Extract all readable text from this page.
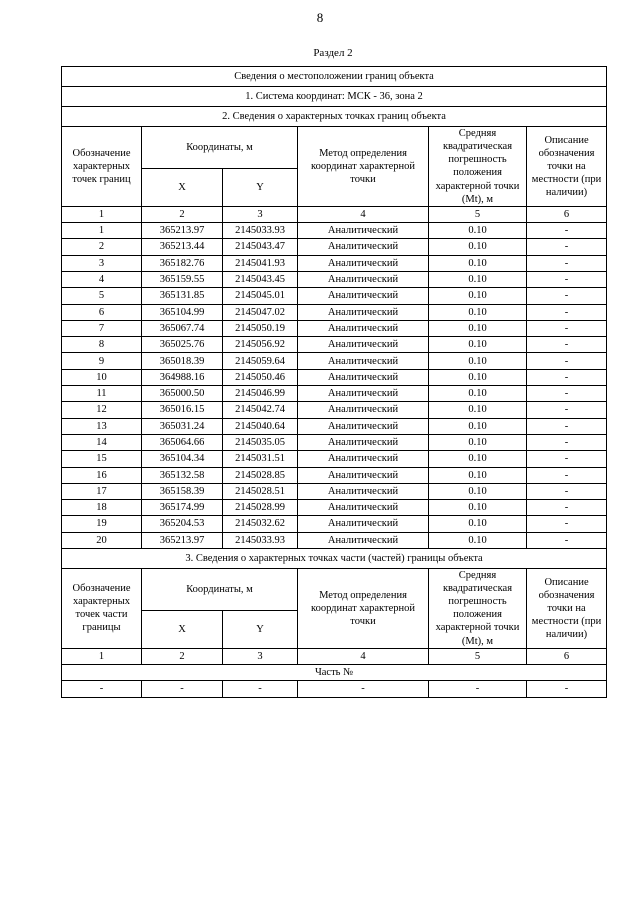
8
Раздел 2
Сведения о местоположении границ объекта					
1. Система координат: МСК - 36, зона 2					
2. Сведения о характерных точках границ объекта					
Обозначение характерных точек границ	Координаты, м		Метод определения координат характерной точки	Средняя квадратическая погрешность положения характерной точки (Mt), м	Описание обозначения точки на местности (при наличии)
	X	Y			
1	2	3	4	5	6
1	365213.97	2145033.93	Аналитический	0.10	-
2	365213.44	2145043.47	Аналитический	0.10	-
3	365182.76	2145041.93	Аналитический	0.10	-
4	365159.55	2145043.45	Аналитический	0.10	-
5	365131.85	2145045.01	Аналитический	0.10	-
6	365104.99	2145047.02	Аналитический	0.10	-
7	365067.74	2145050.19	Аналитический	0.10	-
8	365025.76	2145056.92	Аналитический	0.10	-
9	365018.39	2145059.64	Аналитический	0.10	-
10	364988.16	2145050.46	Аналитический	0.10	-
11	365000.50	2145046.99	Аналитический	0.10	-
12	365016.15	2145042.74	Аналитический	0.10	-
13	365031.24	2145040.64	Аналитический	0.10	-
14	365064.66	2145035.05	Аналитический	0.10	-
15	365104.34	2145031.51	Аналитический	0.10	-
16	365132.58	2145028.85	Аналитический	0.10	-
17	365158.39	2145028.51	Аналитический	0.10	-
18	365174.99	2145028.99	Аналитический	0.10	-
19	365204.53	2145032.62	Аналитический	0.10	-
20	365213.97	2145033.93	Аналитический	0.10	-
3. Сведения о характерных точках части (частей) границы объекта					
Обозначение характерных точек части границы	Координаты, м		Метод определения координат характерной точки	Средняя квадратическая погрешность положения характерной точки (Mt), м	Описание обозначения точки на местности (при наличии)
	X	Y			
1	2	3	4	5	6
Часть №					
-	-	-	-	-	-
